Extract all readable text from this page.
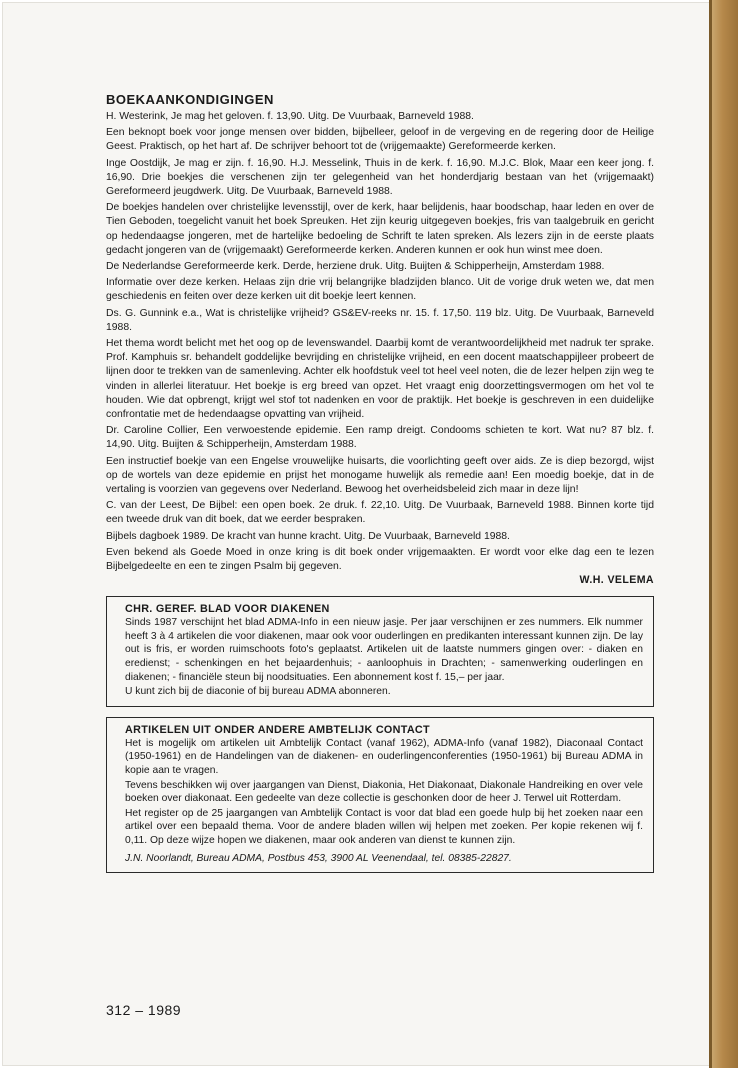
BOEKAANKONDIGINGEN

H. Westerink, Je mag het geloven. f. 13,90. Uitg. De Vuurbaak, Barneveld 1988.

Een beknopt boek voor jonge mensen over bidden, bijbelleer, geloof in de vergeving en de regering door de Heilige Geest. Praktisch, op het hart af. De schrijver behoort tot de (vrijgemaakte) Gereformeerde kerken.

Inge Oostdijk, Je mag er zijn. f. 16,90. H.J. Messelink, Thuis in de kerk. f. 16,90. M.J.C. Blok, Maar een keer jong. f. 16,90. Drie boekjes die verschenen zijn ter gelegenheid van het honderdjarig bestaan van het (vrijgemaakt) Gereformeerd jeugdwerk. Uitg. De Vuurbaak, Barneveld 1988.

De boekjes handelen over christelijke levensstijl, over de kerk, haar belijdenis, haar boodschap, haar leden en over de Tien Geboden, toegelicht vanuit het boek Spreuken. Het zijn keurig uitgegeven boekjes, fris van taalgebruik en gericht op hedendaagse jongeren, met de hartelijke bedoeling de Schrift te laten spreken. Als lezers zijn in de eerste plaats gedacht jongeren van de (vrijgemaakt) Gereformeerde kerken. Anderen kunnen er ook hun winst mee doen.

De Nederlandse Gereformeerde kerk. Derde, herziene druk. Uitg. Buijten & Schipperheijn, Amsterdam 1988.

Informatie over deze kerken. Helaas zijn drie vrij belangrijke bladzijden blanco. Uit de vorige druk weten we, dat men geschiedenis en feiten over deze kerken uit dit boekje leert kennen.

Ds. G. Gunnink e.a., Wat is christelijke vrijheid? GS&EV-reeks nr. 15. f. 17,50. 119 blz. Uitg. De Vuurbaak, Barneveld 1988.

Het thema wordt belicht met het oog op de levenswandel. Daarbij komt de verantwoordelijkheid met nadruk ter sprake. Prof. Kamphuis sr. behandelt goddelijke bevrijding en christelijke vrijheid, en een docent maatschappijleer probeert de lijnen door te trekken van de samenleving. Achter elk hoofdstuk veel tot heel veel noten, die de lezer helpen zijn weg te vinden in allerlei literatuur. Het boekje is erg breed van opzet. Het vraagt enig doorzettingsvermogen om het vol te houden. Wie dat opbrengt, krijgt wel stof tot nadenken en voor de praktijk. Het boekje is geschreven in een duidelijke confrontatie met de hedendaagse opvatting van vrijheid.

Dr. Caroline Collier, Een verwoestende epidemie. Een ramp dreigt. Condooms schieten te kort. Wat nu? 87 blz. f. 14,90. Uitg. Buijten & Schipperheijn, Amsterdam 1988.

Een instructief boekje van een Engelse vrouwelijke huisarts, die voorlichting geeft over aids. Ze is diep bezorgd, wijst op de wortels van deze epidemie en prijst het monogame huwelijk als remedie aan! Een moedig boekje, dat in de vertaling is voorzien van gegevens over Nederland. Bewoog het overheidsbeleid zich maar in deze lijn!

C. van der Leest, De Bijbel: een open boek. 2e druk. f. 22,10. Uitg. De Vuurbaak, Barneveld 1988. Binnen korte tijd een tweede druk van dit boek, dat we eerder bespraken.

Bijbels dagboek 1989. De kracht van hunne kracht. Uitg. De Vuurbaak, Barneveld 1988.

Even bekend als Goede Moed in onze kring is dit boek onder vrijgemaakten. Er wordt voor elke dag een te lezen Bijbelgedeelte en een te zingen Psalm bij gegeven.

W.H. VELEMA
CHR. GEREF. BLAD VOOR DIAKENEN

Sinds 1987 verschijnt het blad ADMA-Info in een nieuw jasje. Per jaar verschijnen er zes nummers. Elk nummer heeft 3 à 4 artikelen die voor diakenen, maar ook voor ouderlingen en predikanten interessant kunnen zijn. De lay out is fris, er worden ruimschoots foto's geplaatst. Artikelen uit de laatste nummers gingen over: - diaken en eredienst; - schenkingen en het bejaardenhuis; - aanloophuis in Drachten; - samenwerking ouderlingen en diakenen; - financiële steun bij noodsituaties. Een abonnement kost f. 15,– per jaar.

U kunt zich bij de diaconie of bij bureau ADMA abonneren.

ARTIKELEN UIT ONDER ANDERE AMBTELIJK CONTACT

Het is mogelijk om artikelen uit Ambtelijk Contact (vanaf 1962), ADMA-Info (vanaf 1982), Diaconaal Contact (1950-1961) en de Handelingen van de diakenen- en ouderlingenconferenties (1950-1961) bij Bureau ADMA in kopie aan te vragen.

Tevens beschikken wij over jaargangen van Dienst, Diakonia, Het Diakonaat, Diakonale Handreiking en over vele boeken over diakonaat. Een gedeelte van deze collectie is geschonken door de heer J. Terwel uit Rotterdam.

Het register op de 25 jaargangen van Ambtelijk Contact is voor dat blad een goede hulp bij het zoeken naar een artikel over een bepaald thema. Voor de andere bladen willen wij helpen met zoeken. Per kopie rekenen wij f. 0,11. Op deze wijze hopen we diakenen, maar ook anderen van dienst te kunnen zijn.

J.N. Noorlandt, Bureau ADMA, Postbus 453, 3900 AL Veenendaal, tel. 08385-22827.

312 – 1989
